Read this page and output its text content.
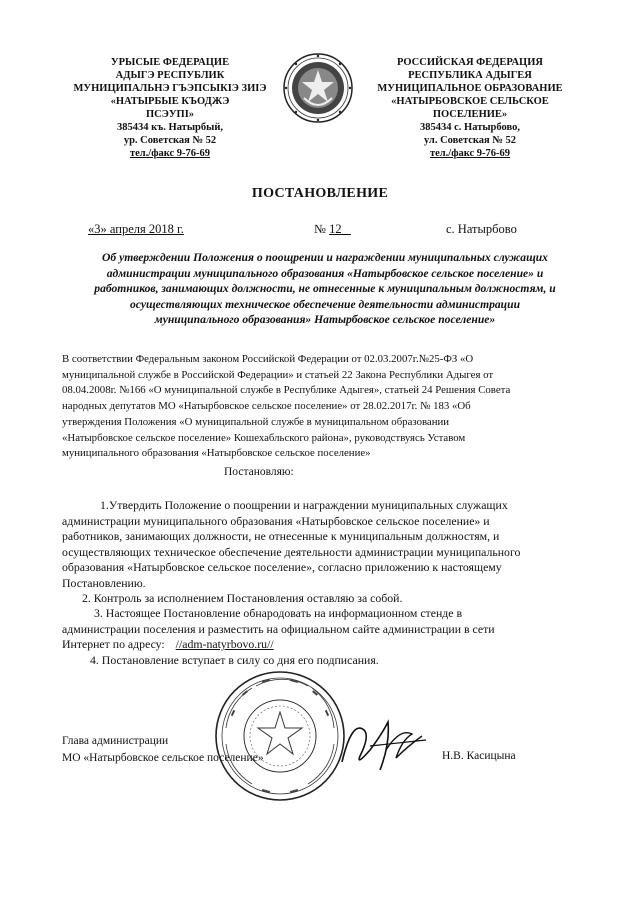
УРЫСЫЕ ФЕДЕРАЦИЕ
АДЫГЭ РЕСПУБЛИК
МУНИЦИПАЛЬНЭ ГЪЭПСЫКIЭ ЗИIЭ
«НАТЫРБЫЕ КЪОДЖЭ
ПСЭУПI»
385434 къ. Натырбый,
ур. Советская № 52
тел./факс 9-76-69
РОССИЙСКАЯ ФЕДЕРАЦИЯ
РЕСПУБЛИКА АДЫГЕЯ
МУНИЦИПАЛЬНОЕ ОБРАЗОВАНИЕ
«НАТЫРБОВСКОЕ СЕЛЬСКОЕ
ПОСЕЛЕНИЕ»
385434 с. Натырбово,
ул. Советская № 52
тел./факс 9-76-69
ПОСТАНОВЛЕНИЕ
«3» апреля 2018 г.	№ 12	с. Натырбово
Об утверждении Положения о поощрении и награждении муниципальных служащих
администрации муниципального образования «Натырбовское сельское поселение» и
работников, занимающих должности, не отнесенные к муниципальным должностям, и
осуществляющих техническое обеспечение деятельности администрации
муниципального образования» Натырбовское сельское поселение»
В соответствии Федеральным законом Российской Федерации от 02.03.2007г.№25-ФЗ «О
муниципальной службе в Российской Федерации» и статьей 22 Закона Республики Адыгея от
08.04.2008г. №166 «О муниципальной службе в Республике Адыгея», статьей 24 Решения Совета
народных депутатов МО «Натырбовское сельское поселение» от 28.02.2017г. № 183 «Об
утверждения Положения «О муниципальной службе в муниципальном образовании
«Натырбовское сельское поселение» Кошехабльского района», руководствуясь Уставом
муниципального образования «Натырбовское сельское поселение»
Постановляю:
1.Утвердить Положение о поощрении и награждении муниципальных служащих
администрации муниципального образования «Натырбовское сельское поселение» и
работников, занимающих должности, не отнесенные к муниципальным должностям, и
осуществляющих техническое обеспечение деятельности администрации муниципального
образования «Натырбовское сельское поселение», согласно приложению к настоящему
Постановлению.
2. Контроль за исполнением Постановления оставляю за собой.
3. Настоящее Постановление обнародовать на информационном стенде в
администрации поселения и разместить на официальном сайте администрации в сети
Интернет по адресу: //adm-natyrbovo.ru//
4. Постановление вступает в силу со дня его подписания.
Глава администрации
МО «Натырбовское сельское поселение»	Н.В. Касицына
